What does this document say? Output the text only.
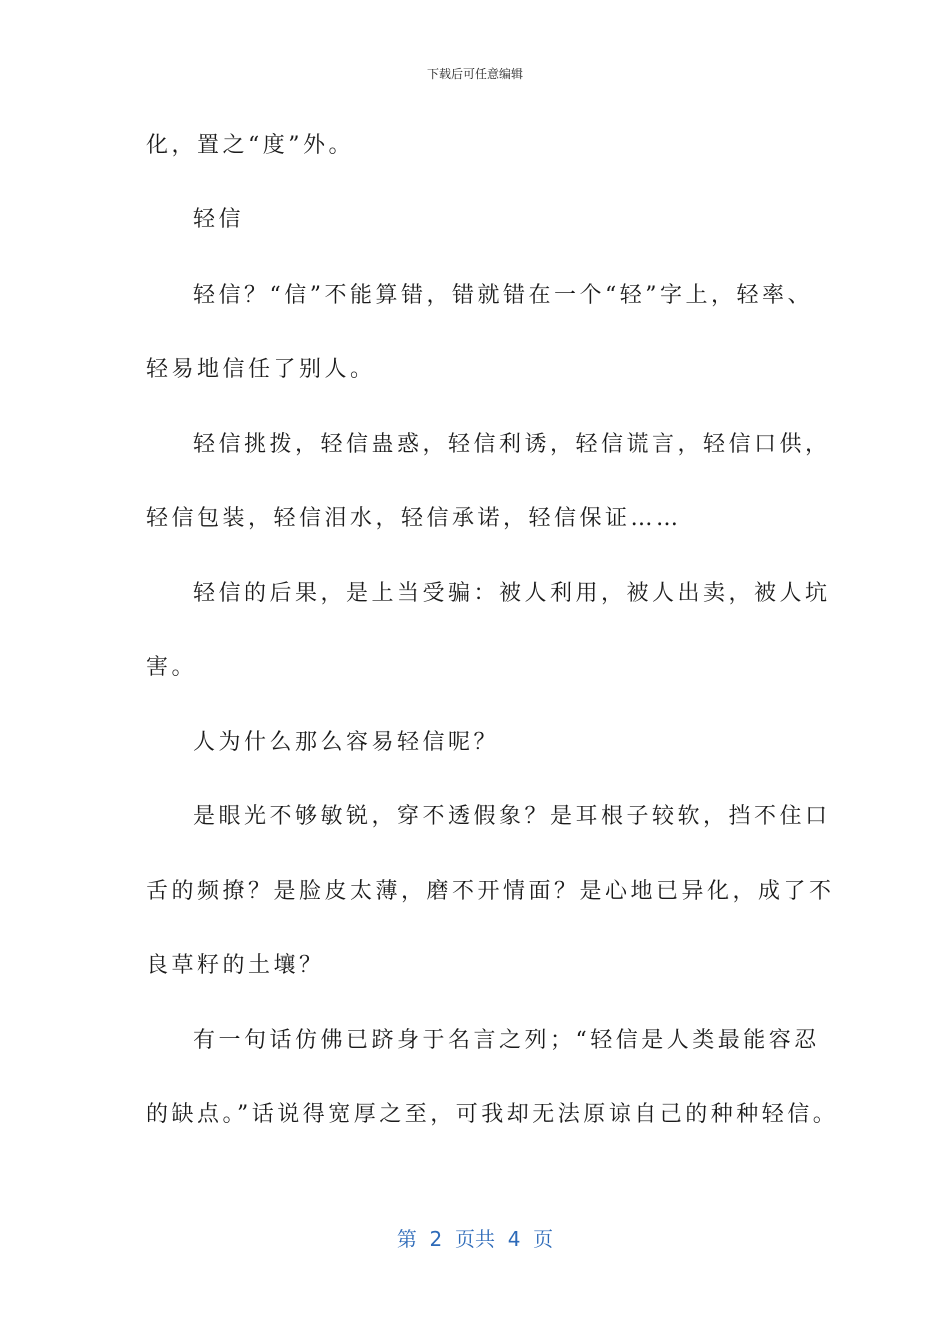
下载后可任意编辑
化，置之“度”外。
轻信
轻信？“信”不能算错，错就错在一个“轻”字上，轻率、
轻易地信任了别人。
轻信挑拨，轻信蛊惑，轻信利诱，轻信谎言，轻信口供，
轻信包装，轻信泪水，轻信承诺，轻信保证……
轻信的后果，是上当受骗：被人利用，被人出卖，被人坑
害。
人为什么那么容易轻信呢？
是眼光不够敏锐，穿不透假象？是耳根子较软，挡不住口
舌的频撩？是脸皮太薄，磨不开情面？是心地已异化，成了不
良草籽的土壤？
有一句话仿佛已跻身于名言之列；“轻信是人类最能容忍
的缺点。”话说得宽厚之至，可我却无法原谅自己的种种轻信。
第  2  页共  4  页
